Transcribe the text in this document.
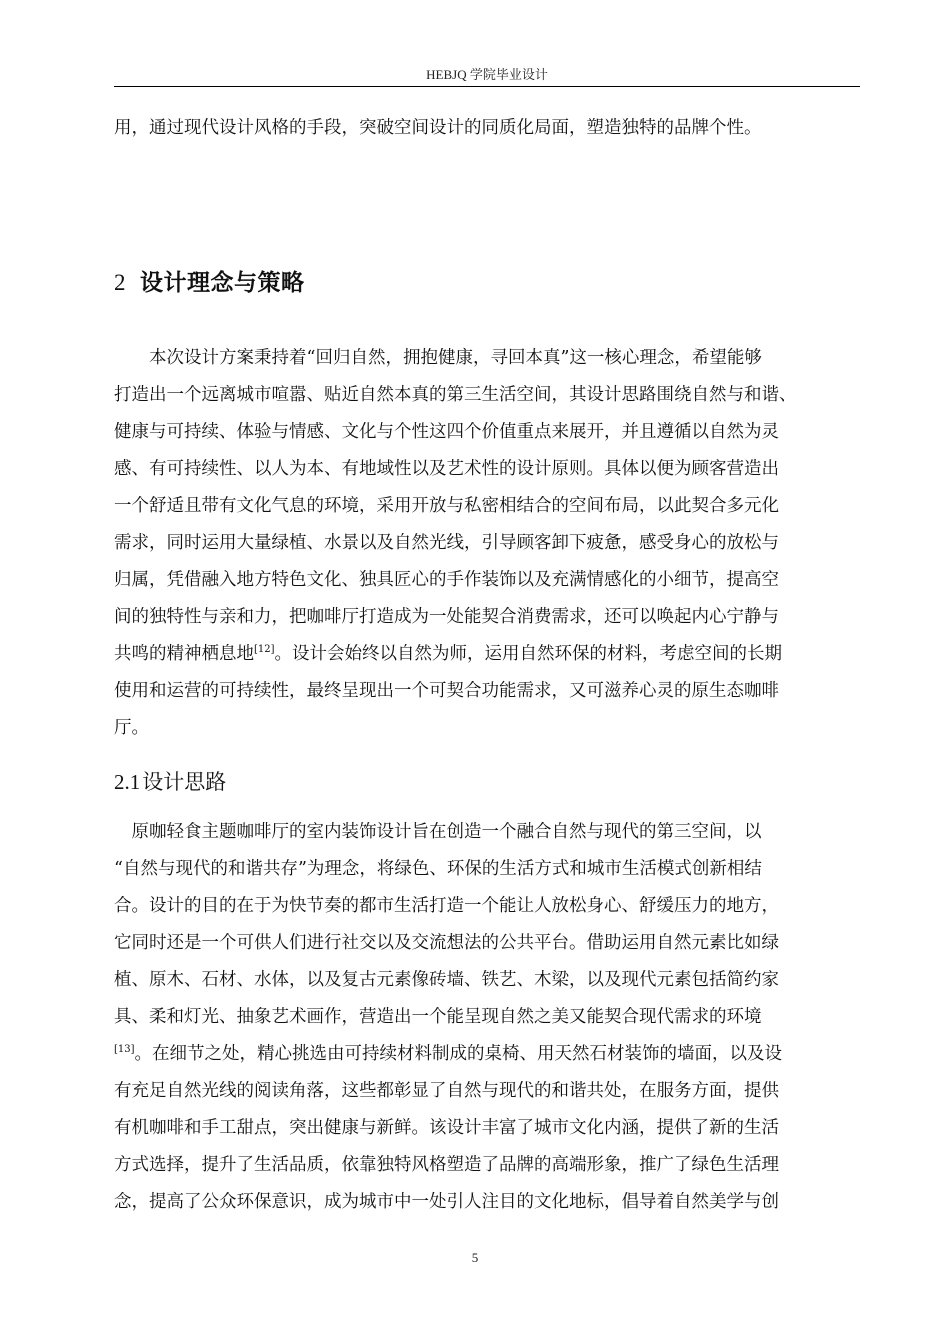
HEBJQ 学院毕业设计
用，通过现代设计风格的手段，突破空间设计的同质化局面，塑造独特的品牌个性。
2 设计理念与策略
　　本次设计方案秉持着“回归自然，拥抱健康，寻回本真”这一核心理念，希望能够
打造出一个远离城市喧嚣、贴近自然本真的第三生活空间，其设计思路围绕自然与和谐、
健康与可持续、体验与情感、文化与个性这四个价值重点来展开，并且遵循以自然为灵
感、有可持续性、以人为本、有地域性以及艺术性的设计原则。具体以便为顾客营造出
一个舒适且带有文化气息的环境，采用开放与私密相结合的空间布局，以此契合多元化
需求，同时运用大量绿植、水景以及自然光线，引导顾客卸下疲惫，感受身心的放松与
归属，凭借融入地方特色文化、独具匠心的手作装饰以及充满情感化的小细节，提高空
间的独特性与亲和力，把咖啡厅打造成为一处能契合消费需求，还可以唤起内心宁静与
共鸣的精神栖息地[12]。设计会始终以自然为师，运用自然环保的材料，考虑空间的长期
使用和运营的可持续性，最终呈现出一个可契合功能需求，又可滋养心灵的原生态咖啡
厅。
2.1设计思路
　原咖轻食主题咖啡厅的室内装饰设计旨在创造一个融合自然与现代的第三空间，以
“自然与现代的和谐共存”为理念，将绿色、环保的生活方式和城市生活模式创新相结
合。设计的目的在于为快节奏的都市生活打造一个能让人放松身心、舒缓压力的地方，
它同时还是一个可供人们进行社交以及交流想法的公共平台。借助运用自然元素比如绿
植、原木、石材、水体，以及复古元素像砖墙、铁艺、木梁，以及现代元素包括简约家
具、柔和灯光、抽象艺术画作，营造出一个能呈现自然之美又能契合现代需求的环境
[13]。在细节之处，精心挑选由可持续材料制成的桌椅、用天然石材装饰的墙面，以及设
有充足自然光线的阅读角落，这些都彰显了自然与现代的和谐共处，在服务方面，提供
有机咖啡和手工甜点，突出健康与新鲜。该设计丰富了城市文化内涵，提供了新的生活
方式选择，提升了生活品质，依靠独特风格塑造了品牌的高端形象，推广了绿色生活理
念，提高了公众环保意识，成为城市中一处引人注目的文化地标，倡导着自然美学与创
5
